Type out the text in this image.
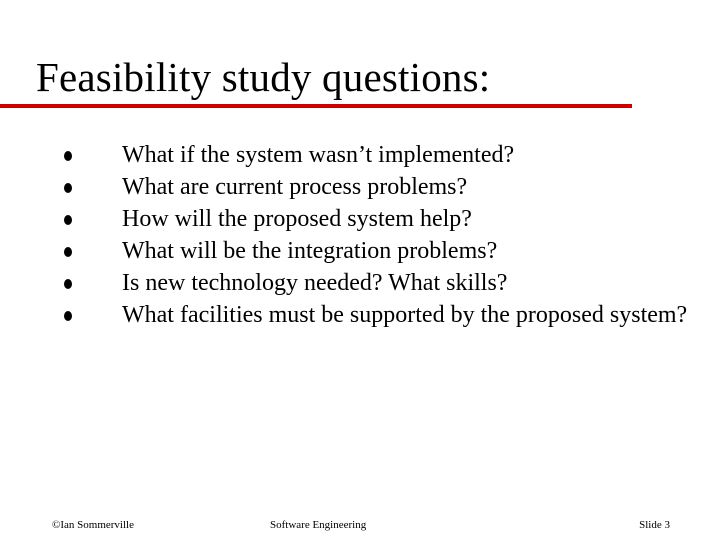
Feasibility study questions:
What if the system wasn’t implemented?
What are current process problems?
How will the proposed system help?
What will be the integration problems?
Is new technology needed? What skills?
What facilities must be supported by the proposed system?
©Ian Sommerville	Software Engineering	Slide 3
